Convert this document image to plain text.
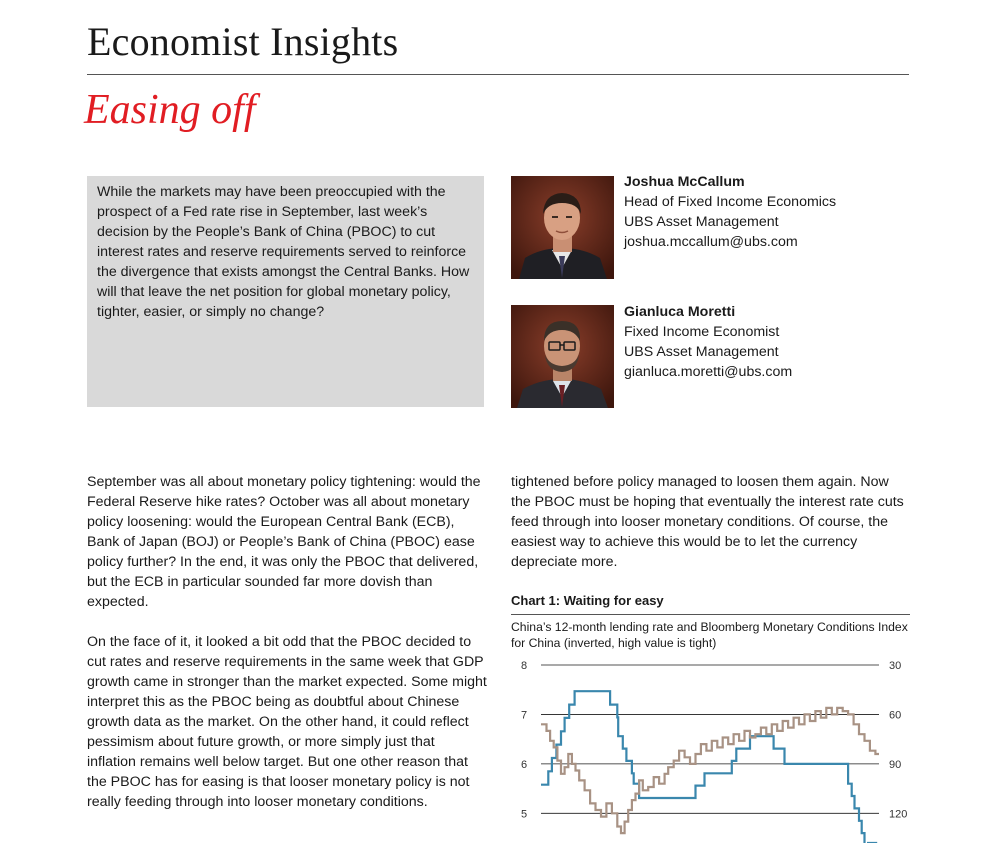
Economist Insights
Easing off
While the markets may have been preoccupied with the prospect of a Fed rate rise in September, last week’s decision by the People’s Bank of China (PBOC) to cut interest rates and reserve requirements served to reinforce the divergence that exists amongst the Central Banks. How will that leave the net position for global monetary policy, tighter, easier, or simply no change?
Joshua McCallum
Head of Fixed Income Economics
UBS Asset Management
joshua.mccallum@ubs.com
Gianluca Moretti
Fixed Income Economist
UBS Asset Management
gianluca.moretti@ubs.com

September was all about monetary policy tightening: would the Federal Reserve hike rates? October was all about monetary policy loosening: would the European Central Bank (ECB), Bank of Japan (BOJ) or People’s Bank of China (PBOC) ease policy further? In the end, it was only the PBOC that delivered, but the ECB in particular sounded far more dovish than expected.

On the face of it, it looked a bit odd that the PBOC decided to cut rates and reserve requirements in the same week that GDP growth came in stronger than the market expected. Some might interpret this as the PBOC being as doubtful about Chinese growth data as the market. On the other hand, it could reflect pessimism about future growth, or more simply just that inflation remains well below target. But one other reason that the PBOC has for easing is that looser monetary policy is not really feeding through into looser monetary conditions.

tightened before policy managed to loosen them again. Now the PBOC must be hoping that eventually the interest rate cuts feed through into looser monetary conditions. Of course, the easiest way to achieve this would be to let the currency depreciate more.

Chart 1: Waiting for easy
China’s 12-month lending rate and Bloomberg Monetary Conditions Index for China (inverted, high value is tight)
8
7
6
5
30
60
90
120
